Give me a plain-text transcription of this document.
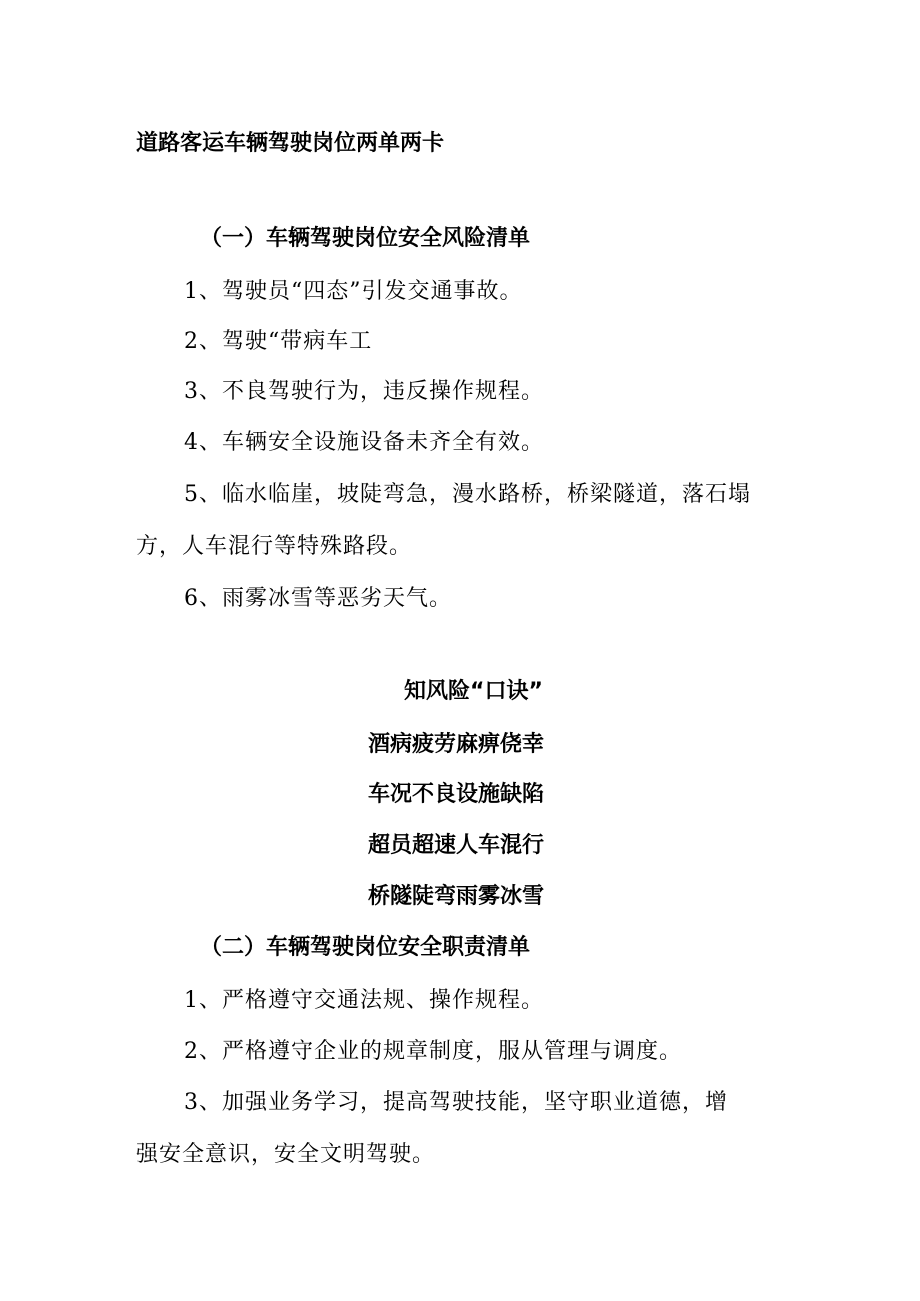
道路客运车辆驾驶岗位两单两卡
（一）车辆驾驶岗位安全风险清单
1、驾驶员“四态”引发交通事故。
2、驾驶“带病车工
3、不良驾驶行为，违反操作规程。
4、车辆安全设施设备未齐全有效。
5、临水临崖，坡陡弯急，漫水路桥，桥梁隧道，落石塌
方，人车混行等特殊路段。
6、雨雾冰雪等恶劣天气。
知风险“口诀”
酒病疲劳麻痹侥幸
车况不良设施缺陷
超员超速人车混行
桥隧陡弯雨雾冰雪
（二）车辆驾驶岗位安全职责清单
1、严格遵守交通法规、操作规程。
2、严格遵守企业的规章制度，服从管理与调度。
3、加强业务学习，提高驾驶技能，坚守职业道德，增
强安全意识，安全文明驾驶。
